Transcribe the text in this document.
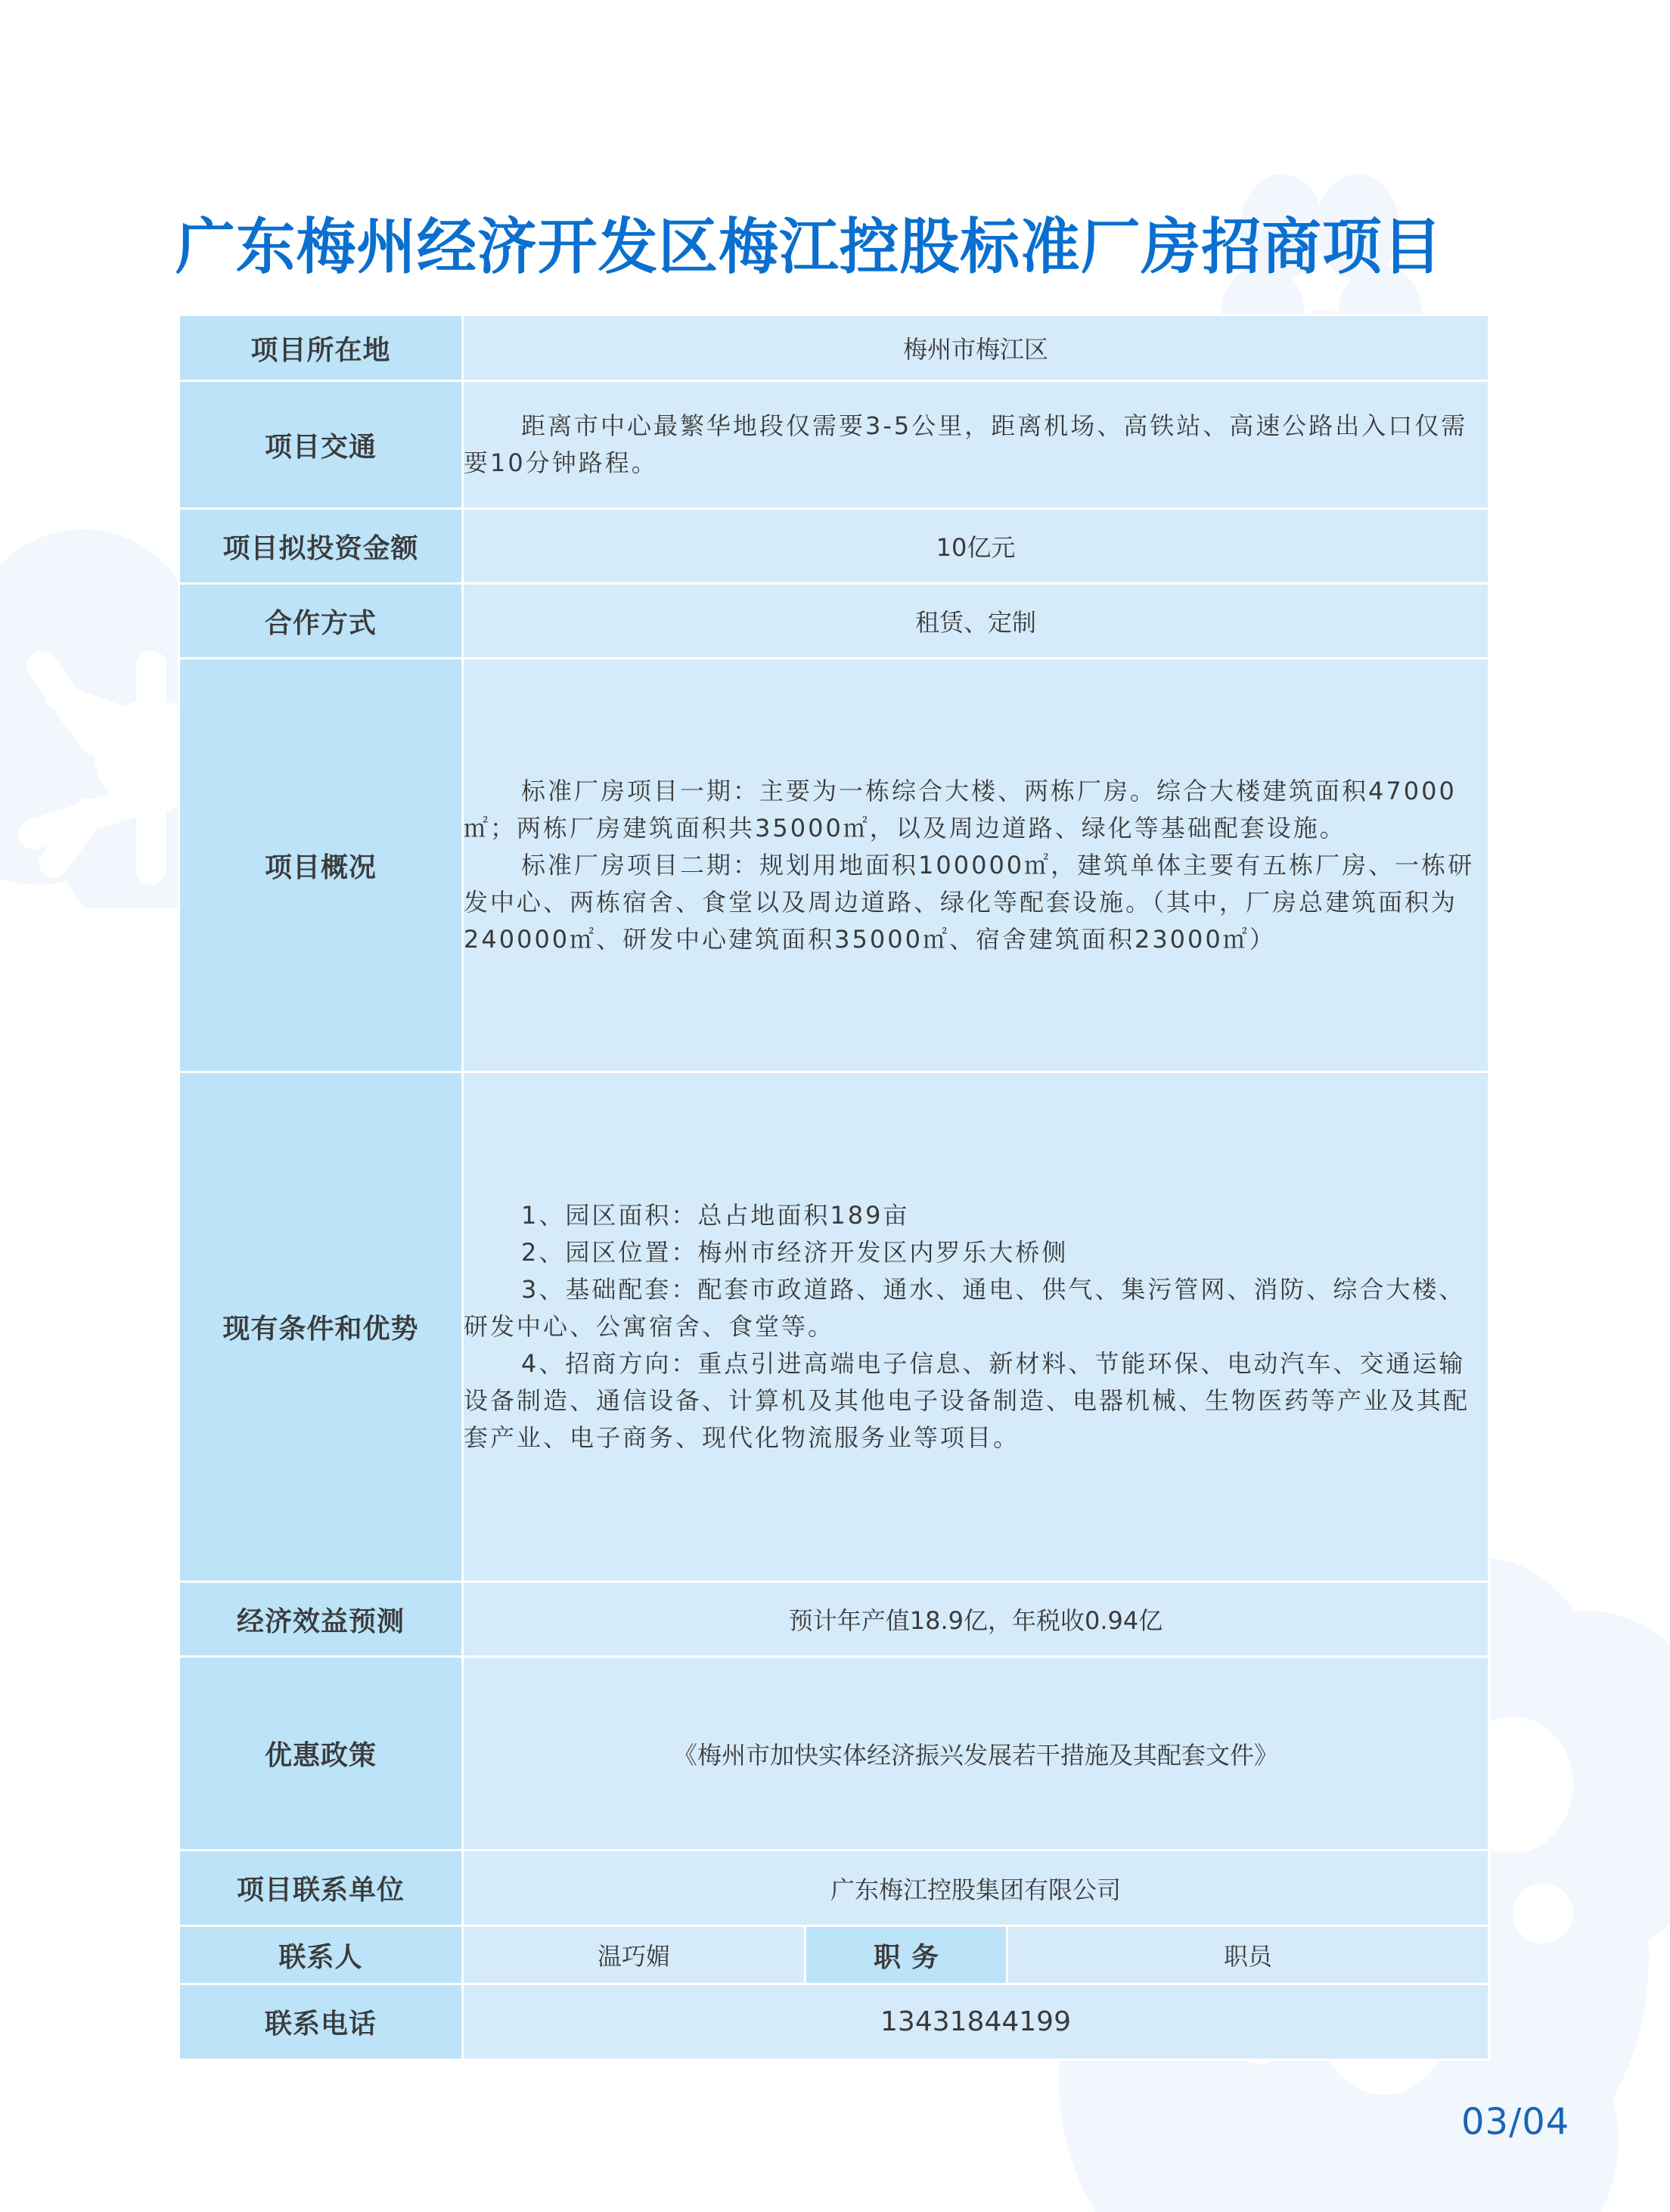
广东梅州经济开发区梅江控股标准厂房招商项目
项目所在地	梅州市梅江区		
项目交通	距离市中心最繁华地段仅需要3-5公里，距离机场、高铁站、高速公路出入口仅需要10分钟路程。		

项目拟投资金额	10亿元		
合作方式	租赁、定制		
项目概况	标准厂房项目一期：主要为一栋综合大楼、两栋厂房。综合大楼建筑面积47000㎡；两栋厂房建筑面积共35000㎡，以及周边道路、绿化等基础配套设施。

标准厂房项目二期：规划用地面积100000㎡，建筑单体主要有五栋厂房、一栋研发中心、两栋宿舍、食堂以及周边道路、绿化等配套设施。（其中，厂房总建筑面积为240000㎡、研发中心建筑面积35000㎡、宿舍建筑面积23000㎡）		

现有条件和优势	1、园区面积：总占地面积189亩

2、园区位置：梅州市经济开发区内罗乐大桥侧

3、基础配套：配套市政道路、通水、通电、供气、集污管网、消防、综合大楼、研发中心、公寓宿舍、食堂等。

4、招商方向：重点引进高端电子信息、新材料、节能环保、电动汽车、交通运输设备制造、通信设备、计算机及其他电子设备制造、电器机械、生物医药等产业及其配套产业、电子商务、现代化物流服务业等项目。		

经济效益预测	预计年产值18.9亿，年税收0.94亿		
优惠政策	《梅州市加快实体经济振兴发展若干措施及其配套文件》		
项目联系单位	广东梅江控股集团有限公司		
联系人	温巧媚	职务	职员
联系电话	13431844199		
03/04
